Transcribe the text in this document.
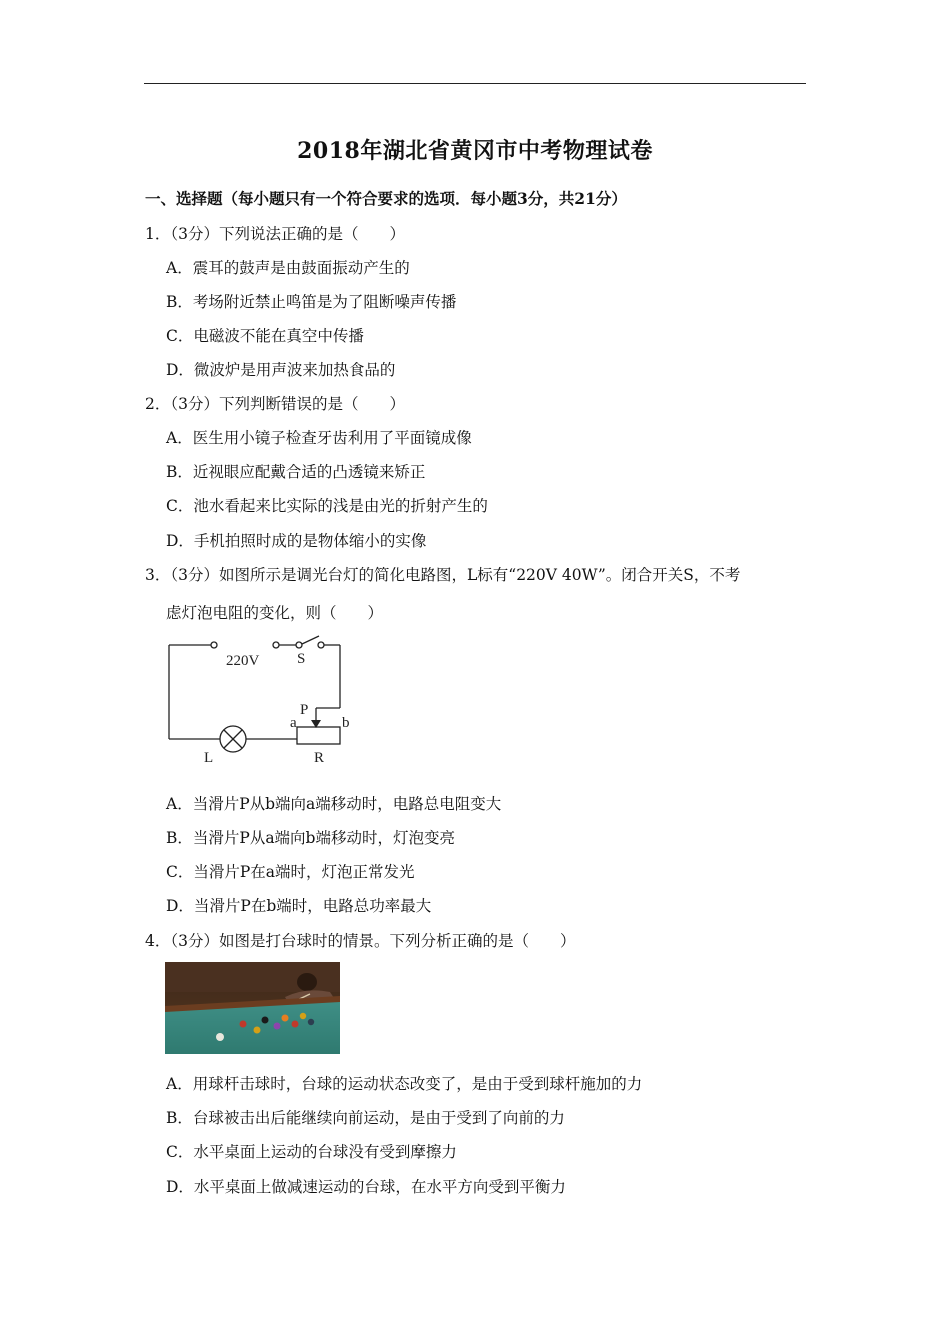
2018年湖北省黄冈市中考物理试卷
一、选择题（每小题只有一个符合要求的选项．每小题3分，共21分）
1．（3分）下列说法正确的是（　　）
A．震耳的鼓声是由鼓面振动产生的
B．考场附近禁止鸣笛是为了阻断噪声传播
C．电磁波不能在真空中传播
D．微波炉是用声波来加热食品的
2．（3分）下列判断错误的是（　　）
A．医生用小镜子检查牙齿利用了平面镜成像
B．近视眼应配戴合适的凸透镜来矫正
C．池水看起来比实际的浅是由光的折射产生的
D．手机拍照时成的是物体缩小的实像
3．（3分）如图所示是调光台灯的简化电路图，L标有“220V 40W”。闭合开关S，不考
虑灯泡电阻的变化，则（　　）
220V	S
P
a	b
L	R
A．当滑片P从b端向a端移动时，电路总电阻变大
B．当滑片P从a端向b端移动时，灯泡变亮
C．当滑片P在a端时，灯泡正常发光
D．当滑片P在b端时，电路总功率最大
4．（3分）如图是打台球时的情景。下列分析正确的是（　　）
A．用球杆击球时，台球的运动状态改变了，是由于受到球杆施加的力
B．台球被击出后能继续向前运动，是由于受到了向前的力
C．水平桌面上运动的台球没有受到摩擦力
D．水平桌面上做减速运动的台球，在水平方向受到平衡力
